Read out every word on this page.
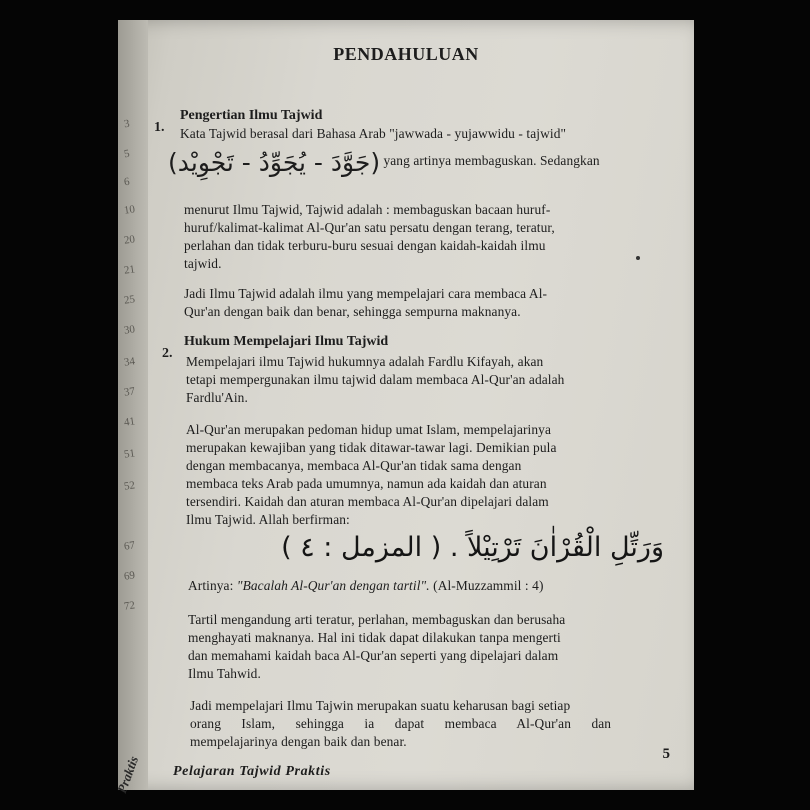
3
5
6
10
20
21
25
30
34
37
41
51
52
67
69
72
PENDAHULUAN
1.
Pengertian Ilmu Tajwid
Kata Tajwid berasal dari Bahasa Arab "jawwada - yujawwidu - tajwid"
(جَوَّدَ - يُجَوِّدُ - تَجْوِيْد) yang artinya membaguskan. Sedangkan
menurut Ilmu Tajwid, Tajwid adalah : membaguskan bacaan huruf-
huruf/kalimat-kalimat Al-Qur'an satu persatu dengan terang, teratur,
perlahan dan tidak terburu-buru sesuai dengan kaidah-kaidah ilmu
tajwid.
Jadi Ilmu Tajwid adalah ilmu yang mempelajari cara membaca Al-
Qur'an dengan baik dan benar, sehingga sempurna maknanya.
2.
Hukum Mempelajari Ilmu Tajwid
Mempelajari ilmu Tajwid hukumnya adalah Fardlu Kifayah, akan
tetapi mempergunakan ilmu tajwid dalam membaca Al-Qur'an adalah
Fardlu'Ain.
Al-Qur'an merupakan pedoman hidup umat Islam, mempelajarinya
merupakan kewajiban yang tidak ditawar-tawar lagi. Demikian pula
dengan membacanya, membaca Al-Qur'an tidak sama dengan
membaca teks Arab pada umumnya, namun ada kaidah dan aturan
tersendiri. Kaidah dan aturan membaca Al-Qur'an dipelajari dalam
Ilmu Tajwid. Allah berfirman:
وَرَتِّلِ الْقُرْاٰنَ تَرْتِيْلاً . ( المزمل : ٤ )
Artinya: "Bacalah Al-Qur'an dengan tartil". (Al-Muzzammil : 4)
Tartil mengandung arti teratur, perlahan, membaguskan dan berusaha
menghayati maknanya. Hal ini tidak dapat dilakukan tanpa mengerti
dan memahami kaidah baca Al-Qur'an seperti yang dipelajari dalam
Ilmu Tahwid.
Jadi mempelajari Ilmu Tajwin merupakan suatu keharusan bagi setiap
orang Islam, sehingga ia dapat membaca Al-Qur'an dan
mempelajarinya dengan baik dan benar.
5
Pelajaran Tajwid Praktis
Praktis
